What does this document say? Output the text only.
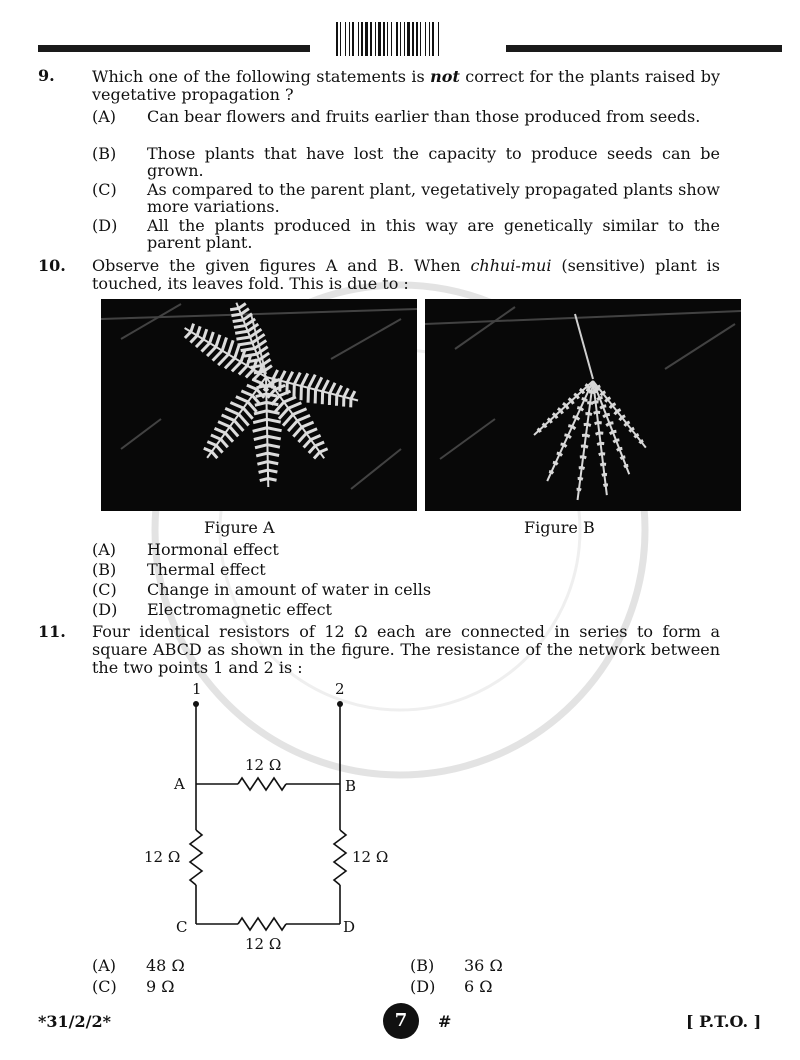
9. Which one of the following statements is not correct for the plants raised by vegetative propagation ?
(A)	Can bear flowers and fruits earlier than those produced from seeds.
(B)	Those plants that have lost the capacity to produce seeds can be grown.
(C)	As compared to the parent plant, vegetatively propagated plants show more variations.
(D)	All the plants produced in this way are genetically similar to the parent plant.
10. Observe the given figures A and B. When chhui-mui (sensitive) plant is touched, its leaves fold. This is due to :
Figure A	Figure B
(A)	Hormonal effect
(B)	Thermal effect
(C)	Change in amount of water in cells
(D)	Electromagnetic effect
11. Four identical resistors of 12 Ω each are connected in series to form a square ABCD as shown in the figure. The resistance of the network between the two points 1 and 2 is :
1	2
A	B
C	D
12 Ω
12 Ω	12 Ω
12 Ω
(A) 48 Ω	(B) 36 Ω
(C) 9 Ω	(D) 6 Ω
*31/2/2*	7	#	[ P.T.O. ]
